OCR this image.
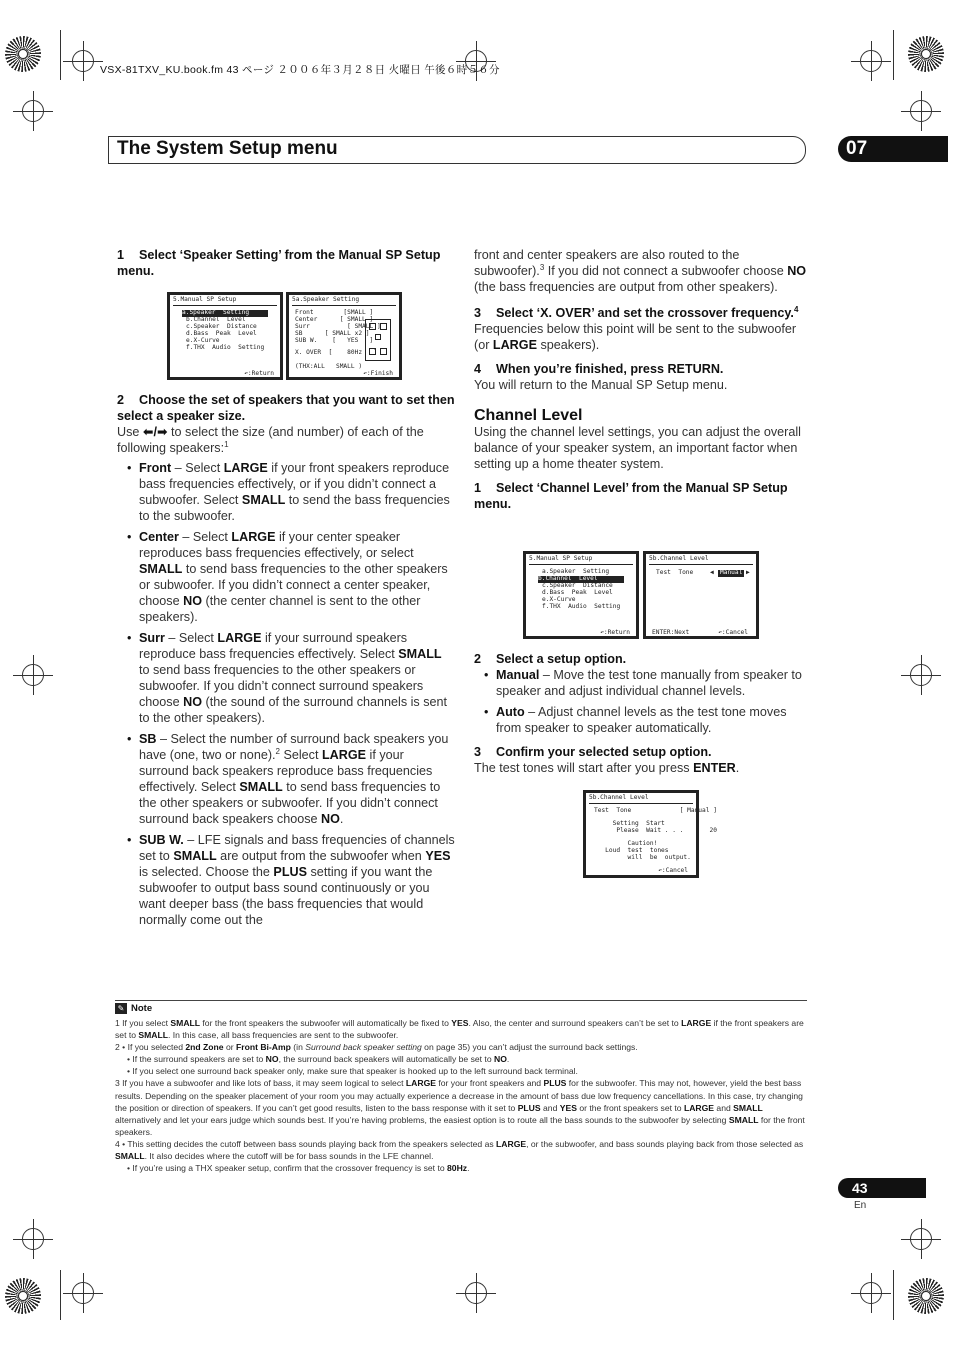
VSX-81TXV_KU.book.fm 43 ページ ２００６年３月２８日 火曜日 午後６時５６分
The System Setup menu	07

1 Select ‘Speaker Setting’ from the Manual SP Setup menu.

5.Manual SP Setup
a.Speaker  Setting
b.Channel  Level
c.Speaker  Distance
d.Bass  Peak  Level
e.X-Curve
f.THX  Audio  Setting
↶:Return
5a.Speaker Setting
Front        [SMALL ]
Center      [ SMALL ]
Surr          [ SMALL ]
SB      [ SMALL x2 ]
SUB W.    [   YES   ]
X. OVER  [    80Hz   ]
(THX:ALL   SMALL )
↶:Finish

2 Choose the set of speakers that you want to set then select a speaker size.

Use ⬅/➡ to select the size (and number) of each of the following speakers:$^1$

• Front – Select LARGE if your front speakers reproduce bass frequencies effectively, or if you didn’t connect a subwoofer. Select SMALL to send the bass frequencies to the subwoofer.
• Center – Select LARGE if your center speaker reproduces bass frequencies effectively, or select SMALL to send bass frequencies to the other speakers or subwoofer. If you didn’t connect a center speaker, choose NO (the center channel is sent to the other speakers).
• Surr – Select LARGE if your surround speakers reproduce bass frequencies effectively. Select SMALL to send bass frequencies to the other speakers or subwoofer. If you didn’t connect surround speakers choose NO (the sound of the surround channels is sent to the other speakers).
• SB – Select the number of surround back speakers you have (one, two or none).$^2$ Select LARGE if your surround back speakers reproduce bass frequencies effectively. Select SMALL to send bass frequencies to the other speakers or subwoofer. If you didn’t connect surround back speakers choose NO.
• SUB W. – LFE signals and bass frequencies of channels set to SMALL are output from the subwoofer when YES is selected. Choose the PLUS setting if you want the subwoofer to output bass sound continuously or you want deeper bass (the bass frequencies that would normally come out the

front and center speakers are also routed to the subwoofer).$^3$ If you did not connect a subwoofer choose NO (the bass frequencies are output from other speakers).

3 Select ‘X. OVER’ and set the crossover frequency.$^4$

Frequencies below this point will be sent to the subwoofer (or LARGE speakers).

4 When you’re finished, press RETURN.

You will return to the Manual SP Setup menu.

Channel Level

Using the channel level settings, you can adjust the overall balance of your speaker system, an important factor when setting up a home theater system.

1 Select ‘Channel Level’ from the Manual SP Setup menu.

5.Manual SP Setup
a.Speaker  Setting
b.Channel  Level
c.Speaker  Distance
d.Bass  Peak  Level
e.X-Curve
f.THX  Audio  Setting
↶:Return
5b.Channel Level
Test  Tone	◀	Manual ▶
ENTER:Next	↶:Cancel

2 Select a setup option.

• Manual – Move the test tone manually from speaker to speaker and adjust individual channel levels.
• Auto – Adjust channel levels as the test tone moves from speaker to speaker automatically.

3 Confirm your selected setup option.

The test tones will start after you press ENTER.

5b.Channel Level
Test  Tone             [ Manual ]
Setting  Start
Please  Wait . . .       20
Caution!
Loud  test  tones
will  be  output.
↶:Cancel
✎ Note

1 If you select SMALL for the front speakers the subwoofer will automatically be fixed to YES. Also, the center and surround speakers can’t be set to LARGE if the front speakers are set to SMALL. In this case, all bass frequencies are sent to the subwoofer.

2 • If you selected 2nd Zone or Front Bi-Amp (in Surround back speaker setting on page 35) you can’t adjust the surround back settings.

• If the surround speakers are set to NO, the surround back speakers will automatically be set to NO.

• If you select one surround back speaker only, make sure that speaker is hooked up to the left surround back terminal.

3 If you have a subwoofer and like lots of bass, it may seem logical to select LARGE for your front speakers and PLUS for the subwoofer. This may not, however, yield the best bass results. Depending on the speaker placement of your room you may actually experience a decrease in the amount of bass due low frequency cancellations. In this case, try changing the position or direction of speakers. If you can’t get good results, listen to the bass response with it set to PLUS and YES or the front speakers set to LARGE and SMALL alternatively and let your ears judge which sounds best. If you’re having problems, the easiest option is to route all the bass sounds to the subwoofer by selecting SMALL for the front speakers.

4 • This setting decides the cutoff between bass sounds playing back from the speakers selected as LARGE, or the subwoofer, and bass sounds playing back from those selected as SMALL. It also decides where the cutoff will be for bass sounds in the LFE channel.

• If you’re using a THX speaker setup, confirm that the crossover frequency is set to 80Hz.

43
En
